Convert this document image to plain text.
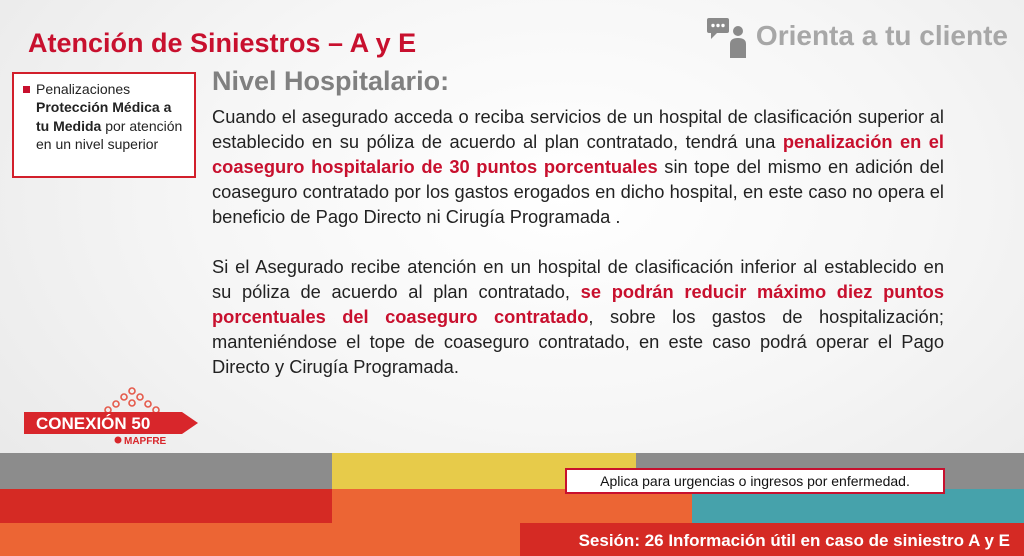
Atención de Siniestros – A y E	Orienta a tu cliente
Penalizaciones
Protección Médica a tu Medida por atención en un nivel superior
Nivel Hospitalario:

Cuando el asegurado acceda o reciba servicios de un hospital de clasificación superior al establecido en su póliza de acuerdo al plan contratado, tendrá una penalización en el coaseguro hospitalario de 30 puntos porcentuales sin tope del mismo en adición del coaseguro contratado por los gastos erogados en dicho hospital, en este caso no opera el beneficio de Pago Directo ni Cirugía Programada .

Si el Asegurado recibe atención en un hospital de clasificación inferior al establecido en su póliza de acuerdo al plan contratado, se podrán reducir máximo diez puntos porcentuales del coaseguro contratado, sobre los gastos de hospitalización; manteniéndose el tope de coaseguro contratado, en este caso podrá operar el Pago Directo y Cirugía Programada.

CONEXIÓN 50
MAPFRE
Aplica para urgencias o ingresos por enfermedad.
Sesión: 26 Información útil en caso de siniestro A y E
